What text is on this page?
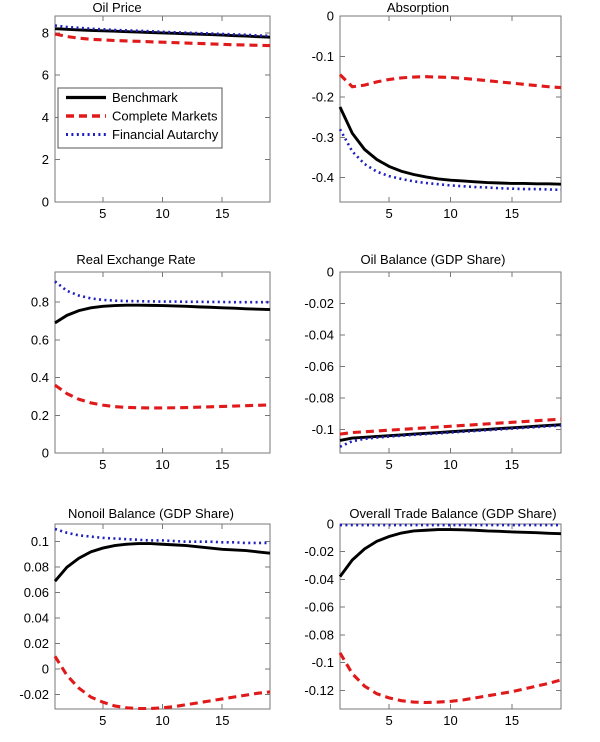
5	10	15
0
2
4
6
8
Oil Price
Benchmark
Complete Markets
Financial Autarchy
5	10	15
-0.4
-0.3
-0.2
-0.1
0
Absorption
5	10	15
0
0.2
0.4
0.6
0.8
Real Exchange Rate
5	10	15
-0.1
-0.08
-0.06
-0.04
-0.02
0
Oil Balance (GDP Share)
5	10	15
-0.02
0
0.02
0.04
0.06
0.08
0.1
Nonoil Balance (GDP Share)
5	10	15
-0.12
-0.1
-0.08
-0.06
-0.04
-0.02
0
Overall Trade Balance (GDP Share)
